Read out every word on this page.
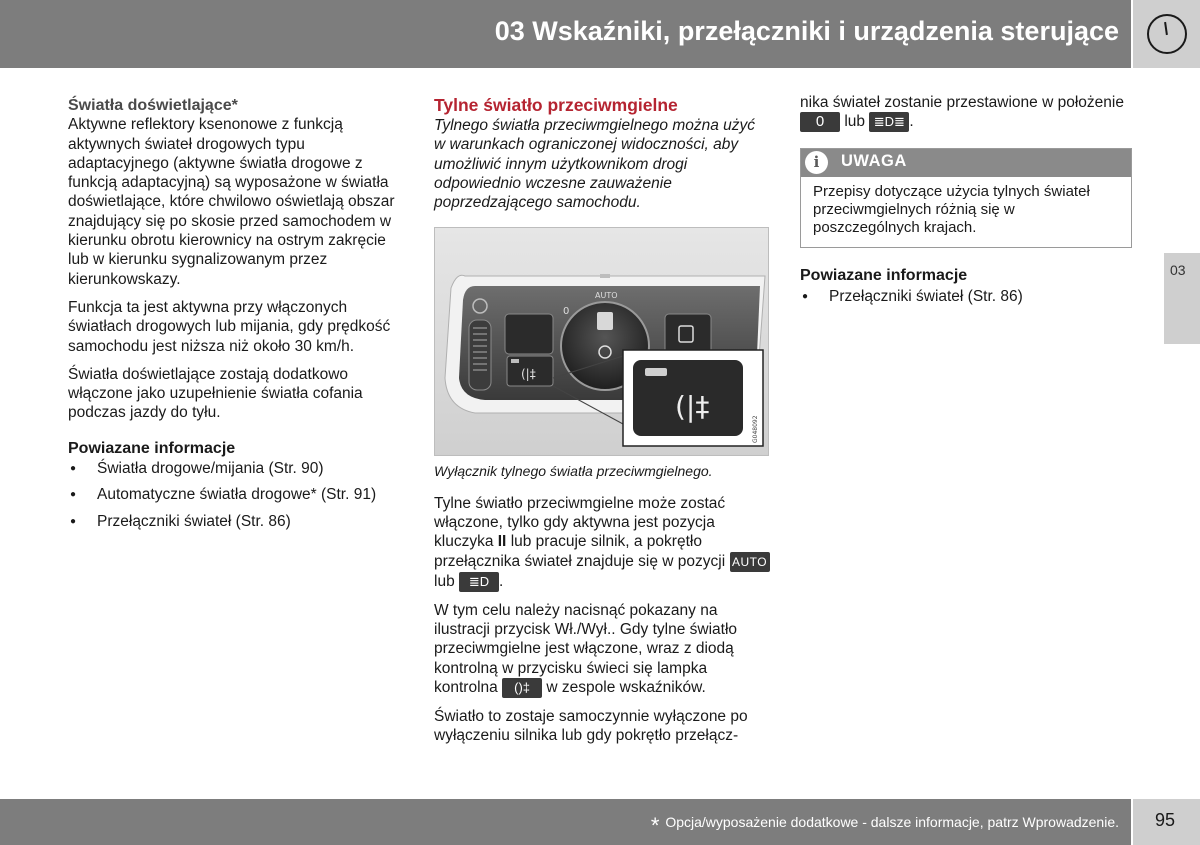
03 Wskaźniki, przełączniki i urządzenia sterujące
03
Światła doświetlające*

Aktywne reflektory ksenonowe z funkcją aktywnych świateł drogowych typu adaptacyjnego (aktywne światła drogowe z funkcją adaptacyjną) są wyposażone w światła doświetlające, które chwilowo oświetlają obszar znajdujący się po skosie przed samochodem w kierunku obrotu kierownicy na ostrym zakręcie lub w kierunku sygnalizowanym przez kierunkowskazy.

Funkcja ta jest aktywna przy włączonych światłach drogowych lub mijania, gdy prędkość samochodu jest niższa niż około 30 km/h.

Światła doświetlające zostają dodatkowo włączone jako uzupełnienie światła cofania podczas jazdy do tyłu.

Powiazane informacje
● Światła drogowe/mijania (Str. 90)
● Automatyczne światła drogowe* (Str. 91)
● Przełączniki świateł (Str. 86)
Tylne światło przeciwmgielne

Tylnego światła przeciwmgielnego można użyć w warunkach ograniczonej widoczności, aby umożliwić innym użytkownikom drogi odpowiednio wczesne zauważenie poprzedzającego samochodu.

(|‡
AUTO
0
(|‡
G048092
Wyłącznik tylnego światła przeciwmgielnego.

Tylne światło przeciwmgielne może zostać włączone, tylko gdy aktywna jest pozycja kluczyka II lub pracuje silnik, a pokrętło przełącznika świateł znajduje się w pozycji AUTO lub ≣D .

W tym celu należy nacisnąć pokazany na ilustracji przycisk Wł./Wył.. Gdy tylne światło przeciwmgielne jest włączone, wraz z diodą kontrolną w przycisku świeci się lampka kontrolna ()‡ w zespole wskaźników.

Światło to zostaje samoczynnie wyłączone po wyłączeniu silnika lub gdy pokrętło przełącz-

nika świateł zostanie przestawione w położenie 0 lub ≣D≣ .

i	UWAGA
Przepisy dotyczące użycia tylnych świateł przeciwmgielnych różnią się w poszczególnych krajach.
Powiazane informacje
● Przełączniki świateł (Str. 86)
* Opcja/wyposażenie dodatkowe - dalsze informacje, patrz Wprowadzenie. 95
